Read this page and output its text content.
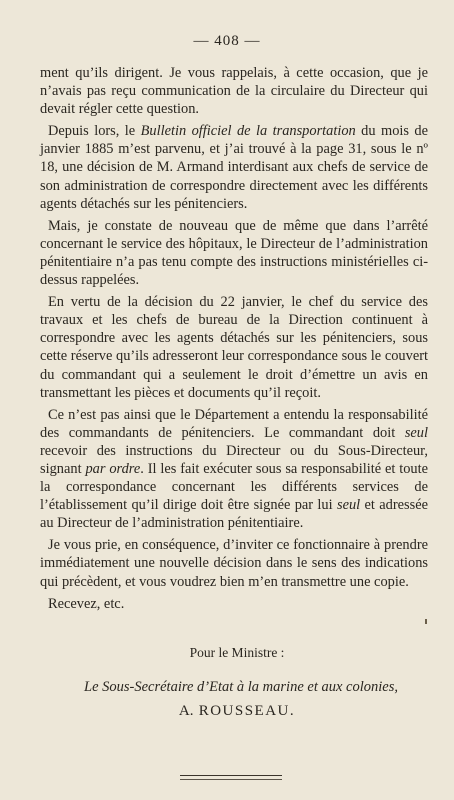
— 408 —

ment qu’ils dirigent. Je vous rappelais, à cette occasion, que je n’avais pas reçu communication de la circulaire du Directeur qui devait régler cette question.

Depuis lors, le Bulletin officiel de la transportation du mois de janvier 1885 m’est parvenu, et j’ai trouvé à la page 31, sous le nº 18, une décision de M. Armand interdisant aux chefs de service de son administration de correspondre directement avec les différents agents détachés sur les pénitenciers.

Mais, je constate de nouveau que de même que dans l’arrêté concernant le service des hôpitaux, le Directeur de l’administration pénitentiaire n’a pas tenu compte des instructions ministérielles ci-dessus rappelées.

En vertu de la décision du 22 janvier, le chef du service des travaux et les chefs de bureau de la Direction continuent à correspondre avec les agents détachés sur les pénitenciers, sous cette réserve qu’ils adresseront leur correspondance sous le couvert du commandant qui a seulement le droit d’émettre un avis en transmettant les pièces et documents qu’il reçoit.

Ce n’est pas ainsi que le Département a entendu la responsabilité des commandants de pénitenciers. Le commandant doit seul recevoir des instructions du Directeur ou du Sous-Directeur, signant par ordre. Il les fait exécuter sous sa responsabilité et toute la correspondance concernant les différents services de l’établissement qu’il dirige doit être signée par lui seul et adressée au Directeur de l’administration pénitentiaire.

Je vous prie, en conséquence, d’inviter ce fonctionnaire à prendre immédiatement une nouvelle décision dans le sens des indications qui précèdent, et vous voudrez bien m’en transmettre une copie.

Recevez, etc.

Pour le Ministre :
Le Sous-Secrétaire d’Etat à la marine et aux colonies,
A. ROUSSEAU.
